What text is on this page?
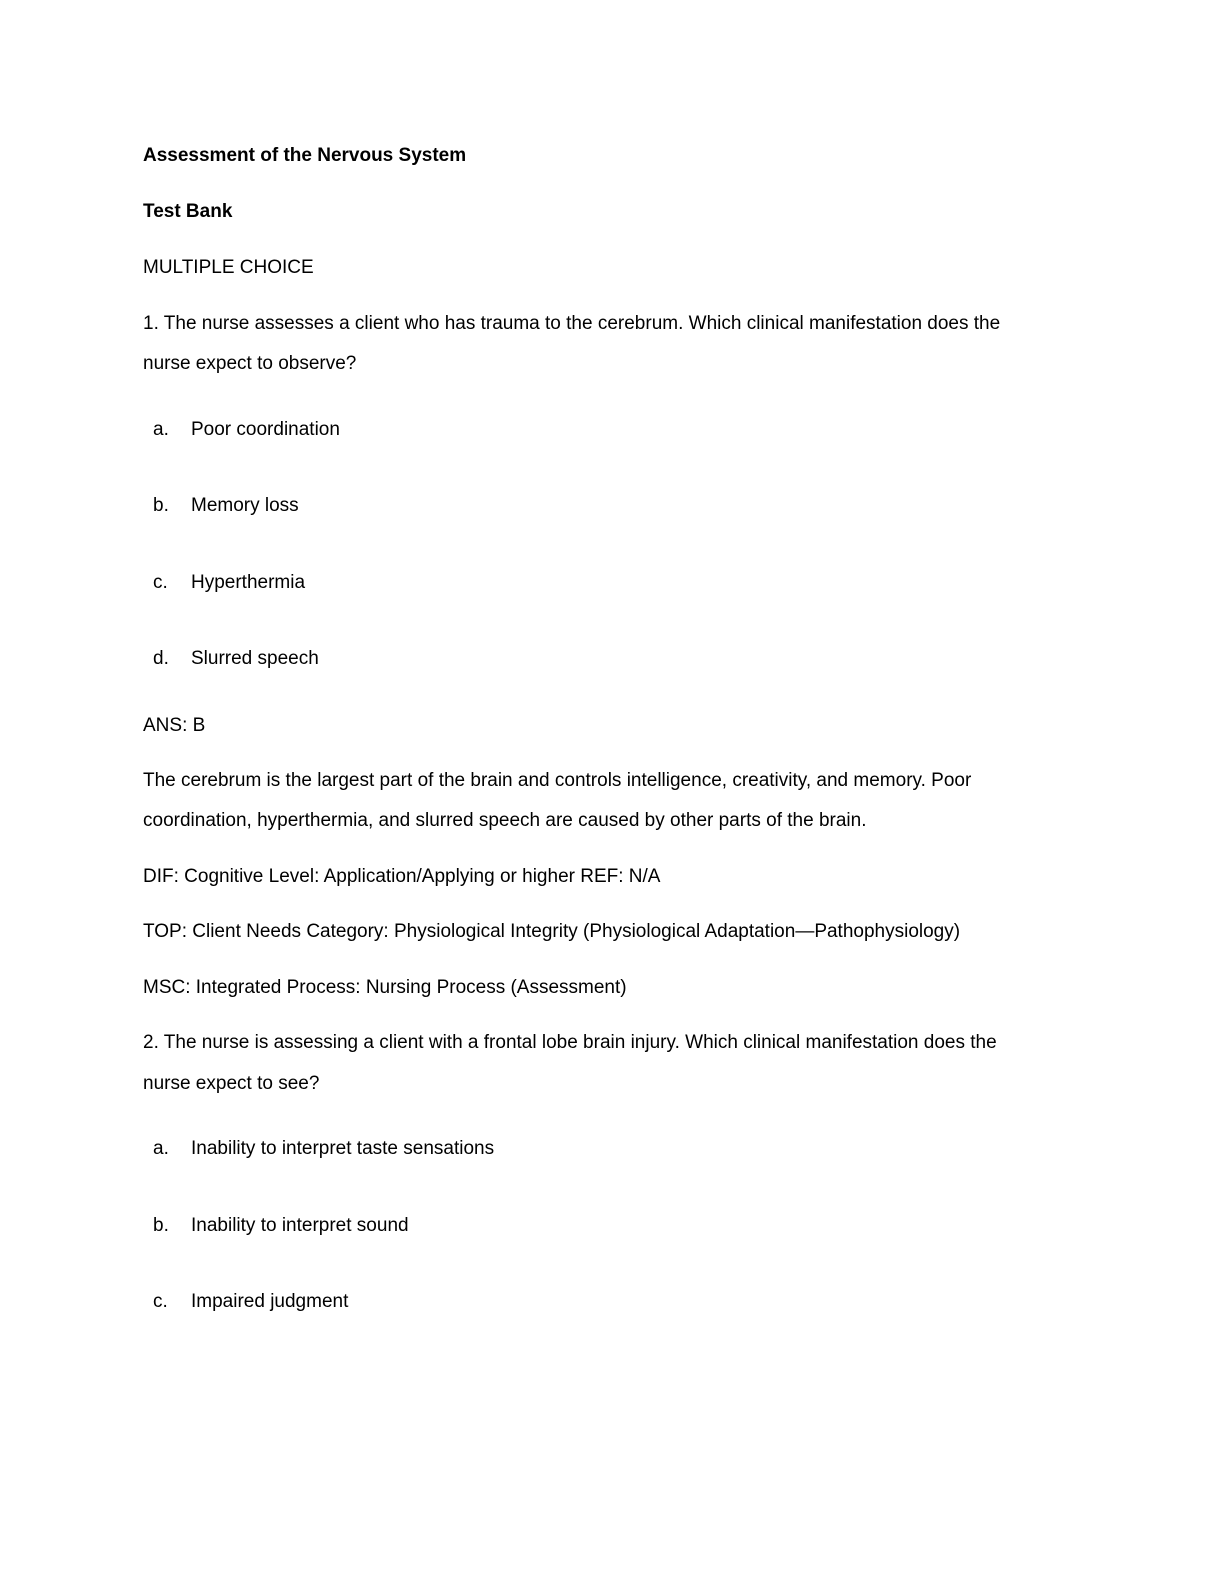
Assessment of the Nervous System
Test Bank
MULTIPLE CHOICE
1. The nurse assesses a client who has trauma to the cerebrum. Which clinical manifestation does the
nurse expect to observe?
a. Poor coordination
b. Memory loss
c. Hyperthermia
d. Slurred speech
ANS: B
The cerebrum is the largest part of the brain and controls intelligence, creativity, and memory. Poor
coordination, hyperthermia, and slurred speech are caused by other parts of the brain.
DIF: Cognitive Level: Application/Applying or higher REF: N/A
TOP: Client Needs Category: Physiological Integrity (Physiological Adaptation—Pathophysiology)
MSC: Integrated Process: Nursing Process (Assessment)
2. The nurse is assessing a client with a frontal lobe brain injury. Which clinical manifestation does the
nurse expect to see?
a. Inability to interpret taste sensations
b. Inability to interpret sound
c. Impaired judgment
